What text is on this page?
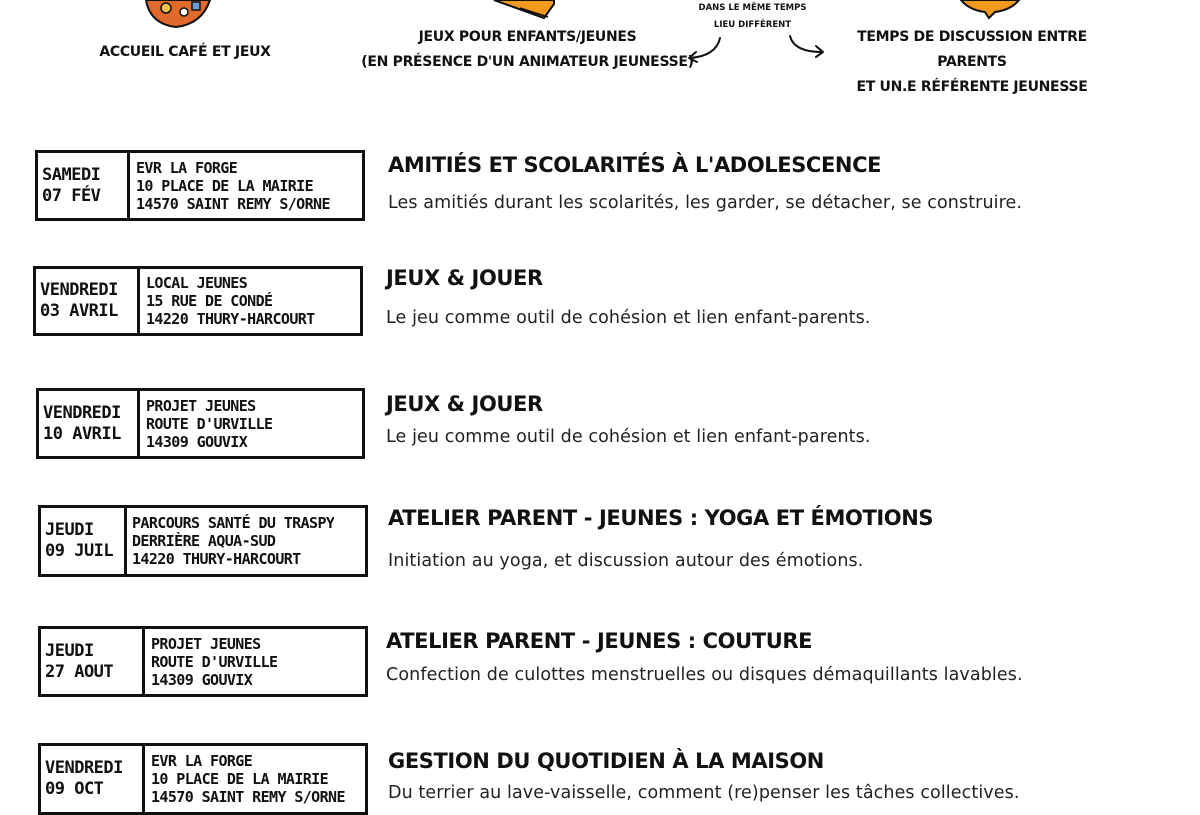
ACCUEIL CAFÉ ET JEUX
JEUX POUR ENFANTS/JEUNES
(EN PRÉSENCE D'UN ANIMATEUR JEUNESSE)
DANS LE MÊME TEMPS
LIEU DIFFÉRENT
TEMPS DE DISCUSSION ENTRE PARENTS
ET UN.E RÉFÉRENTE JEUNESSE
SAMEDI
07 FÉV
EVR LA FORGE
10 PLACE DE LA MAIRIE
14570 SAINT REMY S/ORNE
AMITIÉS ET SCOLARITÉS À L'ADOLESCENCE
Les amitiés durant les scolarités, les garder, se détacher, se construire.
VENDREDI
03 AVRIL
LOCAL JEUNES
15 RUE DE CONDÉ
14220 THURY-HARCOURT
JEUX & JOUER
Le jeu comme outil de cohésion et lien enfant-parents.
VENDREDI
10 AVRIL
PROJET JEUNES
ROUTE D'URVILLE
14309 GOUVIX
JEUX & JOUER
Le jeu comme outil de cohésion et lien enfant-parents.
JEUDI
09 JUIL
PARCOURS SANTÉ DU TRASPY
DERRIÈRE AQUA-SUD
14220 THURY-HARCOURT
ATELIER PARENT - JEUNES : YOGA ET ÉMOTIONS
Initiation au yoga, et discussion autour des émotions.
JEUDI
27 AOUT
PROJET JEUNES
ROUTE D'URVILLE
14309 GOUVIX
ATELIER PARENT - JEUNES : COUTURE
Confection de culottes menstruelles ou disques démaquillants lavables.
VENDREDI
09 OCT
EVR LA FORGE
10 PLACE DE LA MAIRIE
14570 SAINT REMY S/ORNE
GESTION DU QUOTIDIEN À LA MAISON
Du terrier au lave-vaisselle, comment (re)penser les tâches collectives.
